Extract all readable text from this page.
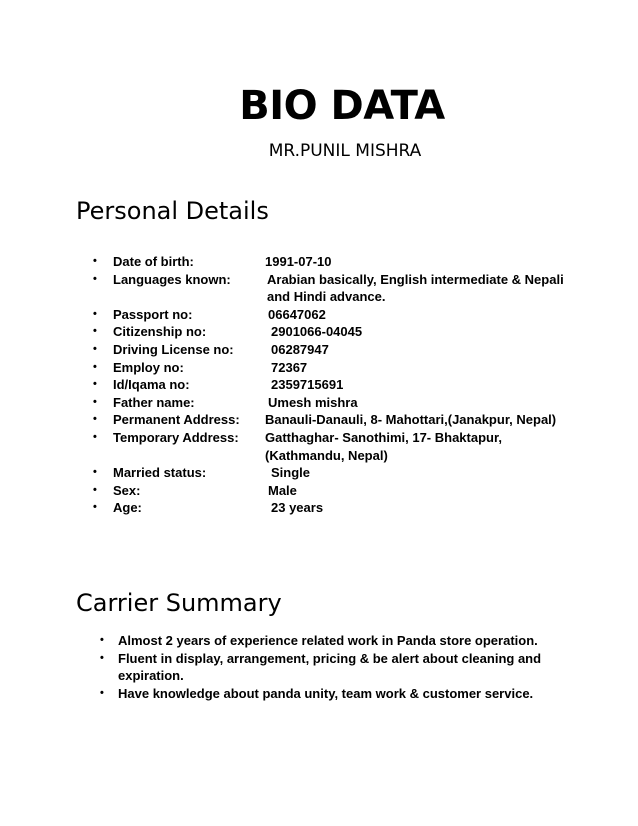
BIO DATA
MR.PUNIL MISHRA
Personal Details
•	Date of birth:	1991-07-10
•	Languages known:	Arabian basically, English intermediate & Nepali and Hindi advance.
•	Passport no:	06647062
•	Citizenship no:	2901066-04045
•	Driving License no:	06287947
•	Employ no:	72367
•	Id/Iqama no:	2359715691
•	Father name:	Umesh mishra
•	Permanent Address:	Banauli-Danauli, 8- Mahottari,(Janakpur, Nepal)
•	Temporary Address:	Gatthaghar- Sanothimi, 17- Bhaktapur, (Kathmandu, Nepal)
•	Married status:	Single
•	Sex:	Male
•	Age:	23 years
Carrier Summary
•	Almost 2 years of experience related work in Panda store operation.
•	Fluent in display, arrangement, pricing & be alert about cleaning and expiration.
•	Have knowledge about panda unity, team work & customer service.
